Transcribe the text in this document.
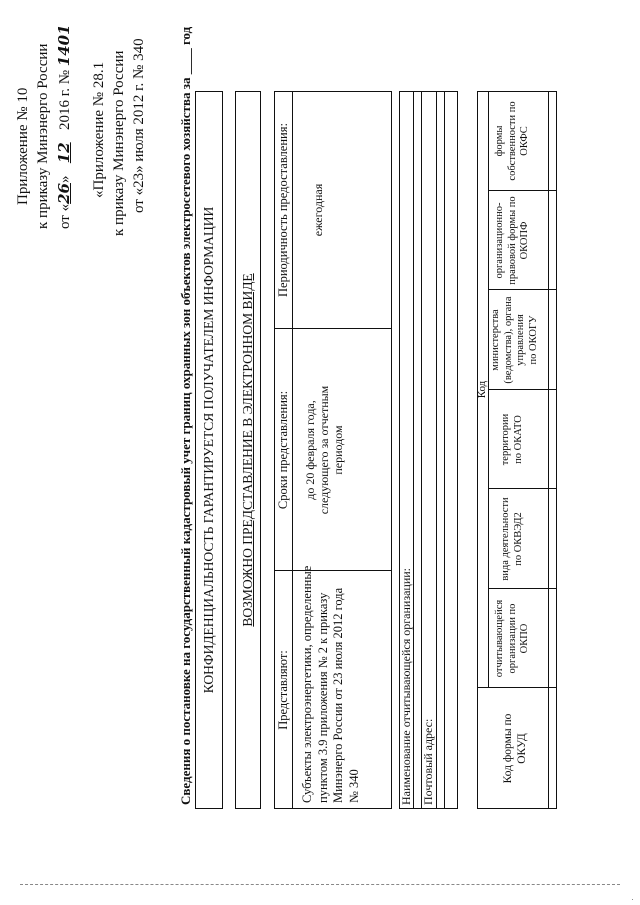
Приложение № 10 к приказу Минэнерго России от «26» 12 2016 г. № 1401
«Приложение № 28.1 к приказу Минэнерго России от «23» июля 2012 г. № 340 Сведения о постановке на государственный кадастровый учет границ охранных зон объектов электросетевого хозяйства за ____ год КОНФИДЕНЦИАЛЬНОСТЬ ГАРАНТИРУЕТСЯ ПОЛУЧАТЕЛЕМ ИНФОРМАЦИИ ВОЗМОЖНО ПРЕДСТАВЛЕНИЕ В ЭЛЕКТРОННОМ ВИДЕ
Представляют:
Сроки представления:
Периодичность предоставления:
Субъекты электроэнергетики, определенные пунктом 3.9 приложения № 2 к приказу Минэнерго России от 23 июля 2012 года № 340
до 20 февраля года, следующего за отчетным периодом
ежегодная
Наименование отчитывающейся организации: Почтовый адрес:	Код формы по ОКУД
Код
отчитывающейся организации по ОКПО
вида деятельности по ОКВЭД2
территории по ОКАТО
министерства (ведомства), органа управления по ОКОГУ
организационно- правовой формы по ОКОПФ
формы собственности по ОКФС
